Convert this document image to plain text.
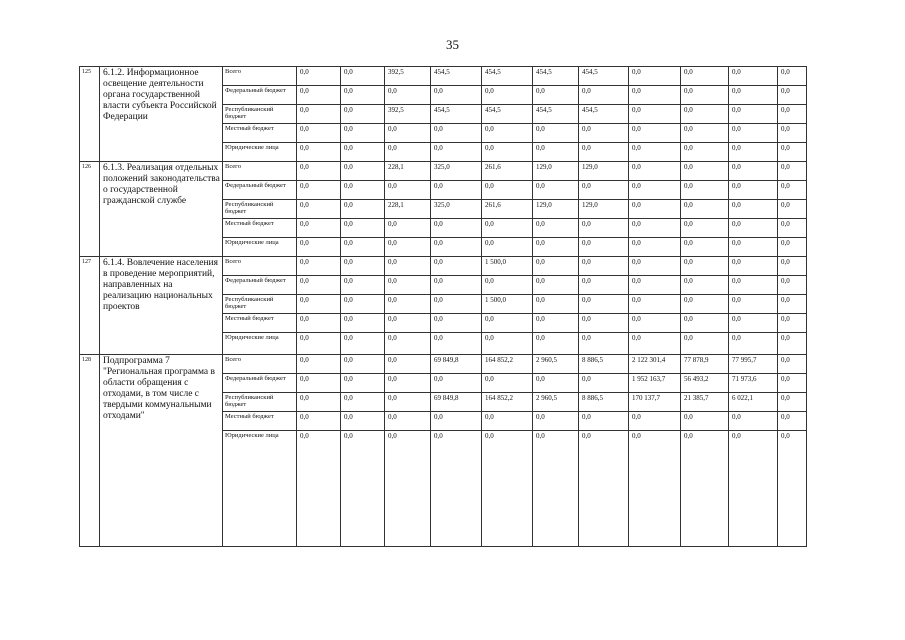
35
125	6.1.2. Информационное освещение деятельности органа государственной власти субъекта Российской Федерации	Всего	0,0	0,0	392,5	454,5	454,5	454,5	454,5	0,0	0,0	0,0	0,0
		Федеральный бюджет	0,0	0,0	0,0	0,0	0,0	0,0	0,0	0,0	0,0	0,0	0,0
		Республиканский бюджет	0,0	0,0	392,5	454,5	454,5	454,5	454,5	0,0	0,0	0,0	0,0
		Местный бюджет	0,0	0,0	0,0	0,0	0,0	0,0	0,0	0,0	0,0	0,0	0,0
		Юридические лица	0,0	0,0	0,0	0,0	0,0	0,0	0,0	0,0	0,0	0,0	0,0
126	6.1.3. Реализация отдельных положений законодательства о государственной гражданской службе	Всего	0,0	0,0	228,1	325,0	261,6	129,0	129,0	0,0	0,0	0,0	0,0
		Федеральный бюджет	0,0	0,0	0,0	0,0	0,0	0,0	0,0	0,0	0,0	0,0	0,0
		Республиканский бюджет	0,0	0,0	228,1	325,0	261,6	129,0	129,0	0,0	0,0	0,0	0,0
		Местный бюджет	0,0	0,0	0,0	0,0	0,0	0,0	0,0	0,0	0,0	0,0	0,0
		Юридические лица	0,0	0,0	0,0	0,0	0,0	0,0	0,0	0,0	0,0	0,0	0,0
127	6.1.4. Вовлечение населения в проведение мероприятий, направленных на реализацию национальных проектов	Всего	0,0	0,0	0,0	0,0	1 500,0	0,0	0,0	0,0	0,0	0,0	0,0
		Федеральный бюджет	0,0	0,0	0,0	0,0	0,0	0,0	0,0	0,0	0,0	0,0	0,0
		Республиканский бюджет	0,0	0,0	0,0	0,0	1 500,0	0,0	0,0	0,0	0,0	0,0	0,0
		Местный бюджет	0,0	0,0	0,0	0,0	0,0	0,0	0,0	0,0	0,0	0,0	0,0
		Юридические лица	0,0	0,0	0,0	0,0	0,0	0,0	0,0	0,0	0,0	0,0	0,0
128	Подпрограмма 7 "Региональная программа в области обращения с отходами, в том числе с твердыми коммунальными отходами"	Всего	0,0	0,0	0,0	69 849,8	164 852,2	2 960,5	8 886,5	2 122 301,4	77 878,9	77 995,7	0,0
		Федеральный бюджет	0,0	0,0	0,0	0,0	0,0	0,0	0,0	1 952 163,7	56 493,2	71 973,6	0,0
		Республиканский бюджет	0,0	0,0	0,0	69 849,8	164 852,2	2 960,5	8 886,5	170 137,7	21 385,7	6 022,1	0,0
		Местный бюджет	0,0	0,0	0,0	0,0	0,0	0,0	0,0	0,0	0,0	0,0	0,0
		Юридические лица	0,0	0,0	0,0	0,0	0,0	0,0	0,0	0,0	0,0	0,0	0,0
